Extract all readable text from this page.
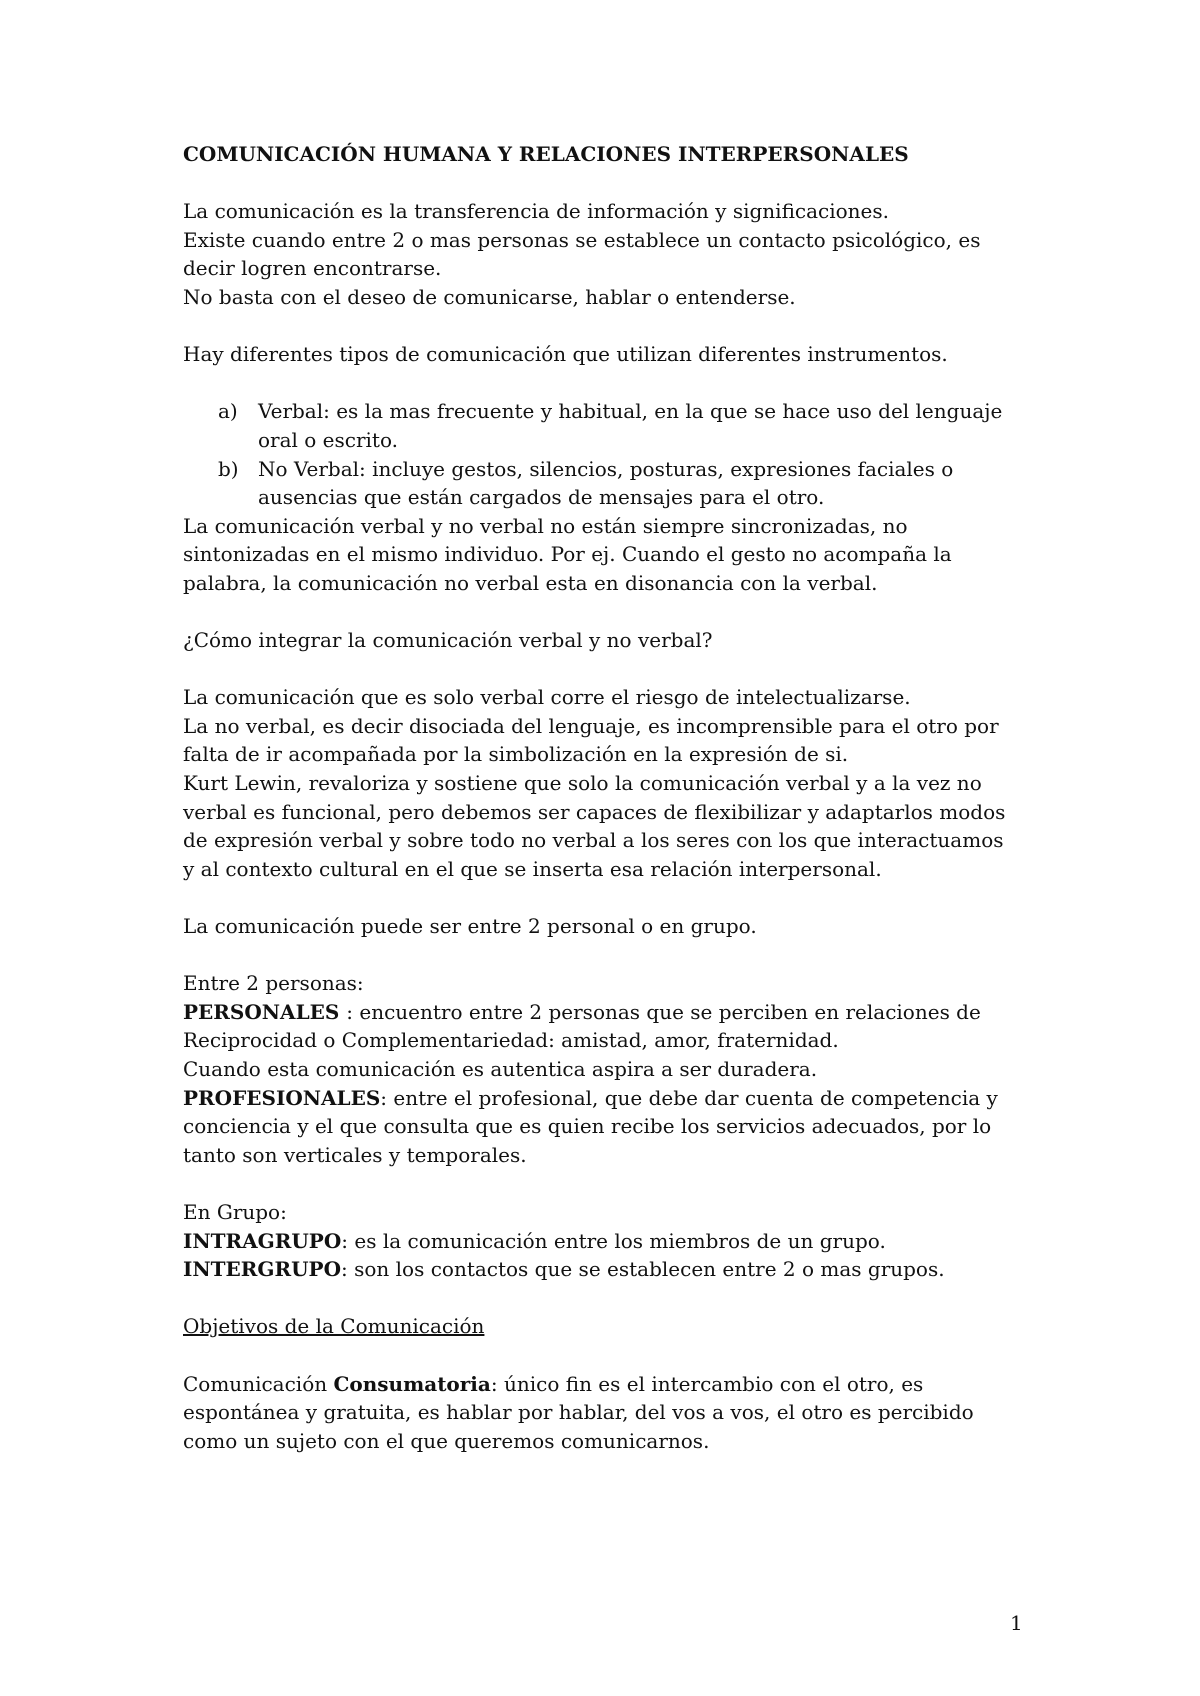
COMUNICACIÓN HUMANA Y RELACIONES INTERPERSONALES
La comunicación es la transferencia de información y significaciones.
Existe cuando entre 2 o mas personas se establece un contacto psicológico, es
decir logren encontrarse.
No basta con el deseo de comunicarse, hablar o entenderse.
Hay diferentes tipos de comunicación que utilizan diferentes instrumentos.
a) Verbal: es la mas frecuente y habitual, en la que se hace uso del lenguaje
oral o escrito.
b) No Verbal: incluye gestos, silencios, posturas, expresiones faciales o
ausencias que están cargados de mensajes para el otro.
La comunicación verbal y no verbal no están siempre sincronizadas, no
sintonizadas en el mismo individuo. Por ej. Cuando el gesto no acompaña la
palabra, la comunicación no verbal esta en disonancia con la verbal.
¿Cómo integrar la comunicación verbal y no verbal?
La comunicación que es solo verbal corre el riesgo de intelectualizarse.
La no verbal, es decir disociada del lenguaje, es incomprensible para el otro por
falta de ir acompañada por la simbolización en la expresión de si.
Kurt Lewin, revaloriza y sostiene que solo la comunicación verbal y a la vez no
verbal es funcional, pero debemos ser capaces de flexibilizar y adaptarlos modos
de expresión verbal y sobre todo no verbal a los seres con los que interactuamos
y al contexto cultural en el que se inserta esa relación interpersonal.
La comunicación puede ser entre 2 personal o en grupo.
Entre 2 personas:
PERSONALES : encuentro entre 2 personas que se perciben en relaciones de
Reciprocidad o Complementariedad: amistad, amor, fraternidad.
Cuando esta comunicación es autentica aspira a ser duradera.
PROFESIONALES: entre el profesional, que debe dar cuenta de competencia y
conciencia y el que consulta que es quien recibe los servicios adecuados, por lo
tanto son verticales y temporales.
En Grupo:
INTRAGRUPO: es la comunicación entre los miembros de un grupo.
INTERGRUPO: son los contactos que se establecen entre 2 o mas grupos.
Objetivos de la Comunicación
Comunicación Consumatoria: único fin es el intercambio con el otro, es
espontánea y gratuita, es hablar por hablar, del vos a vos, el otro es percibido
como un sujeto con el que queremos comunicarnos.
1
